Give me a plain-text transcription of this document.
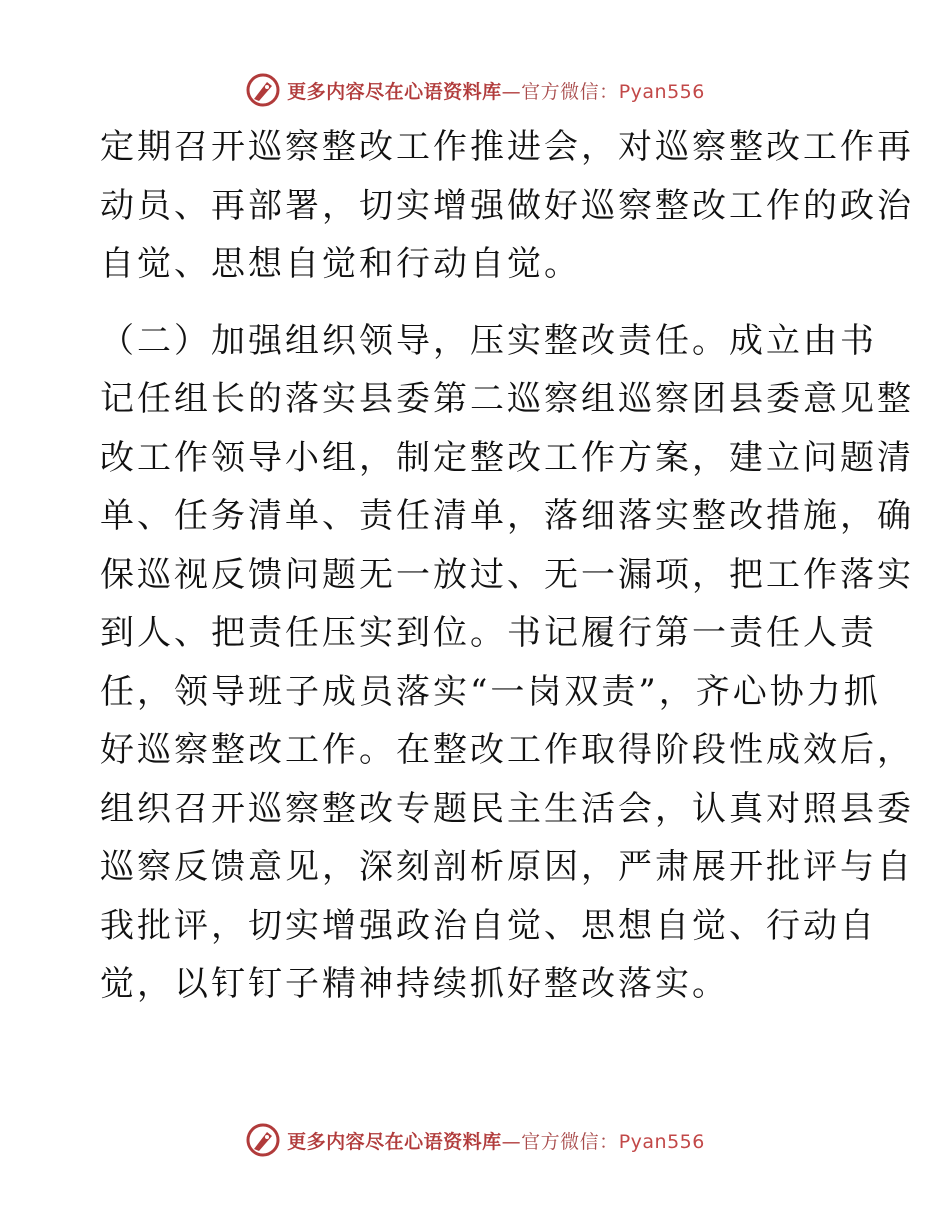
更多内容尽在心语资料库—官方微信：Pyan556
定期召开巡察整改工作推进会，对巡察整改工作再
动员、再部署，切实增强做好巡察整改工作的政治
自觉、思想自觉和行动自觉。
（二）加强组织领导，压实整改责任。成立由书
记任组长的落实县委第二巡察组巡察团县委意见整
改工作领导小组，制定整改工作方案，建立问题清
单、任务清单、责任清单，落细落实整改措施，确
保巡视反馈问题无一放过、无一漏项，把工作落实
到人、把责任压实到位。书记履行第一责任人责
任，领导班子成员落实“一岗双责”，齐心协力抓
好巡察整改工作。在整改工作取得阶段性成效后，
组织召开巡察整改专题民主生活会，认真对照县委
巡察反馈意见，深刻剖析原因，严肃展开批评与自
我批评，切实增强政治自觉、思想自觉、行动自
觉，以钉钉子精神持续抓好整改落实。
更多内容尽在心语资料库—官方微信：Pyan556
